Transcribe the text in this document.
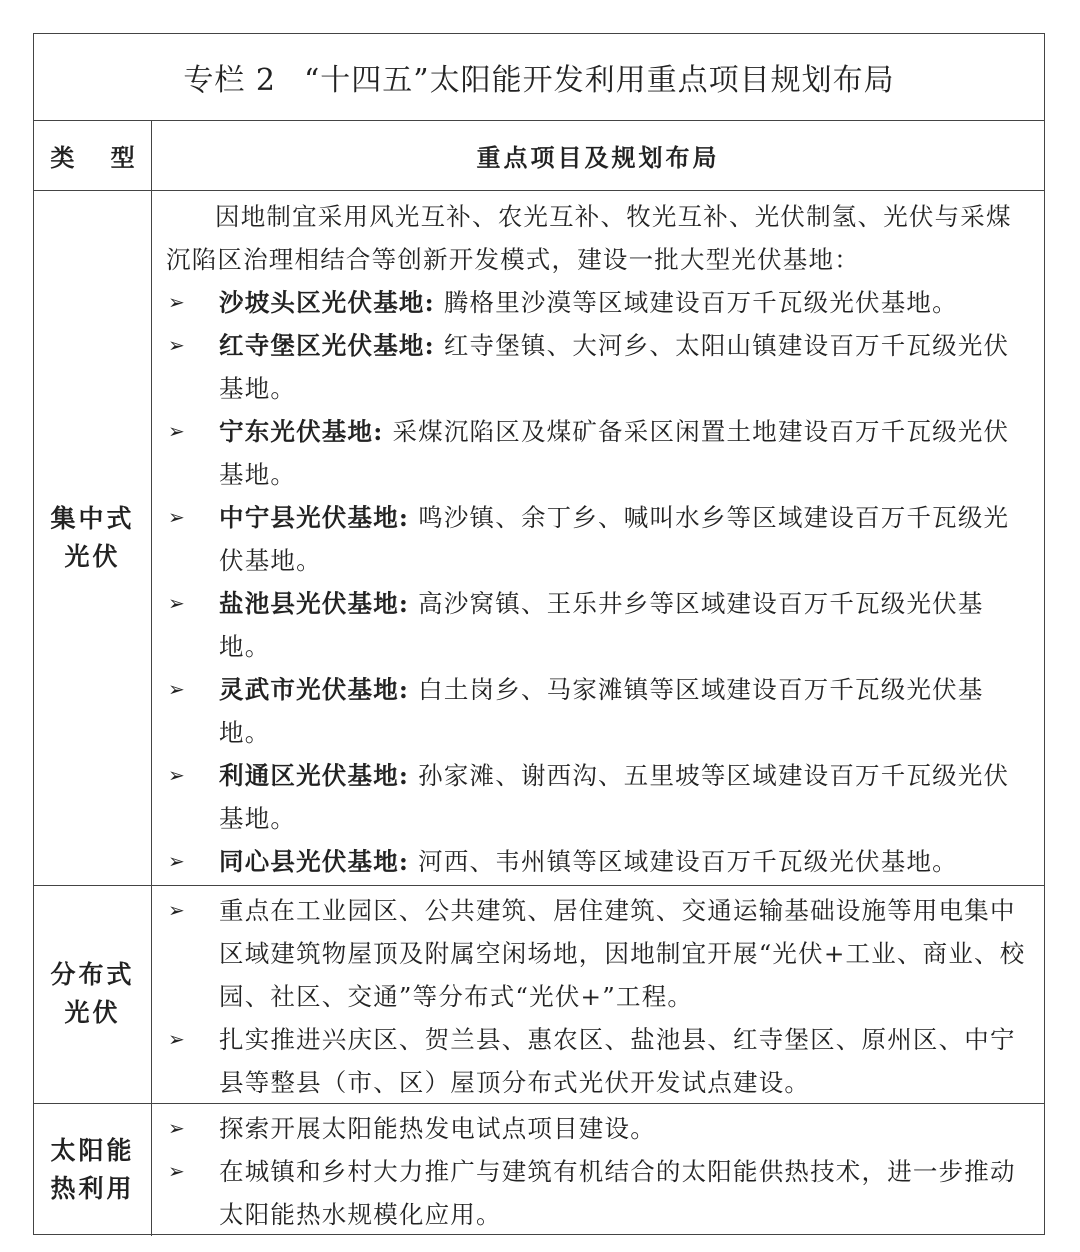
专栏 2 “十四五”太阳能开发利用重点项目规划布局
类 型	重点项目及规划布局
集中式
光伏

因地制宜采用风光互补、农光互补、牧光互补、光伏制氢、光伏与采煤沉陷区治理相结合等创新开发模式，建设一批大型光伏基地：

➢ 沙坡头区光伏基地: 腾格里沙漠等区域建设百万千瓦级光伏基地。

➢ 红寺堡区光伏基地: 红寺堡镇、大河乡、太阳山镇建设百万千瓦级光伏基地。

➢ 宁东光伏基地: 采煤沉陷区及煤矿备采区闲置土地建设百万千瓦级光伏基地。

➢ 中宁县光伏基地: 鸣沙镇、余丁乡、喊叫水乡等区域建设百万千瓦级光伏基地。

➢ 盐池县光伏基地: 高沙窝镇、王乐井乡等区域建设百万千瓦级光伏基地。

➢ 灵武市光伏基地: 白土岗乡、马家滩镇等区域建设百万千瓦级光伏基地。

➢ 利通区光伏基地: 孙家滩、谢西沟、五里坡等区域建设百万千瓦级光伏基地。

➢ 同心县光伏基地: 河西、韦州镇等区域建设百万千瓦级光伏基地。

分布式
光伏

➢ 重点在工业园区、公共建筑、居住建筑、交通运输基础设施等用电集中区域建筑物屋顶及附属空闲场地，因地制宜开展“光伏+工业、商业、校园、社区、交通”等分布式“光伏+”工程。

➢ 扎实推进兴庆区、贺兰县、惠农区、盐池县、红寺堡区、原州区、中宁县等整县（市、区）屋顶分布式光伏开发试点建设。

太阳能
热利用

➢ 探索开展太阳能热发电试点项目建设。

➢ 在城镇和乡村大力推广与建筑有机结合的太阳能供热技术，进一步推动太阳能热水规模化应用。
